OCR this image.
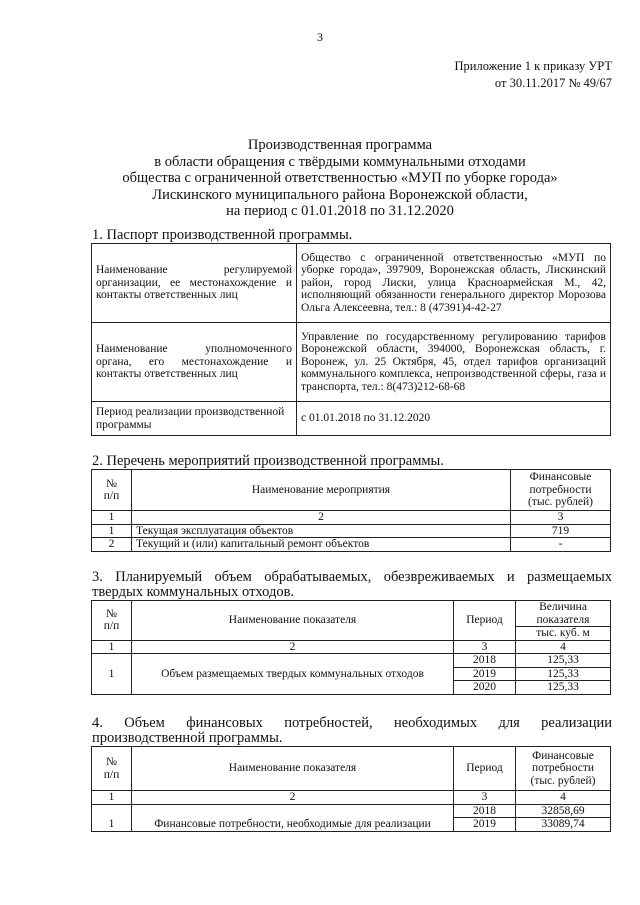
3
Приложение 1 к приказу УРТ
от 30.11.2017 № 49/67
Производственная программа
в области обращения с твёрдыми коммунальными отходами
общества с ограниченной ответственностью «МУП по уборке города»
Лискинского муниципального района Воронежской области,
на период с 01.01.2018 по 31.12.2020
1. Паспорт производственной программы.
Наименование регулируемой организации, ее местонахождение и контакты ответственных лиц	Общество с ограниченной ответственностью «МУП по уборке города», 397909, Воронежская область, Лискинский район, город Лиски, улица Красноармейская М., 42, исполняющий обязанности генерального директор Морозова Ольга Алексеевна, тел.: 8 (47391)4-42-27
Наименование уполномоченного органа, его местонахождение и контакты ответственных лиц	Управление по государственному регулированию тарифов Воронежской области, 394000, Воронежская область, г. Воронеж, ул. 25 Октября, 45, отдел тарифов организаций коммунального комплекса, непроизводственной сферы, газа и транспорта, тел.: 8(473)212-68-68
Период реализации производственной программы	с 01.01.2018 по 31.12.2020
2. Перечень мероприятий производственной программы.
№
п/п	Наименование мероприятия	Финансовые
потребности
(тыс. рублей)
1	2	3
1	Текущая эксплуатация объектов	719
2	Текущий и (или) капитальный ремонт объектов	-
3. Планируемый объем обрабатываемых, обезвреживаемых и размещаемых
твердых коммунальных отходов.
№
п/п	Наименование показателя	Период	Величина
показателя
			тыс. куб. м
1	2	3	4
1	Объем размещаемых твердых коммунальных отходов	2018	125,33
		2019	125,33
		2020	125,33
4. Объем финансовых потребностей, необходимых для реализации
производственной программы.
№
п/п	Наименование показателя	Период	Финансовые
потребности
(тыс. рублей)
1	2	3	4
1	Финансовые потребности, необходимые для реализации	2018	32858,69
		2019	33089,74
